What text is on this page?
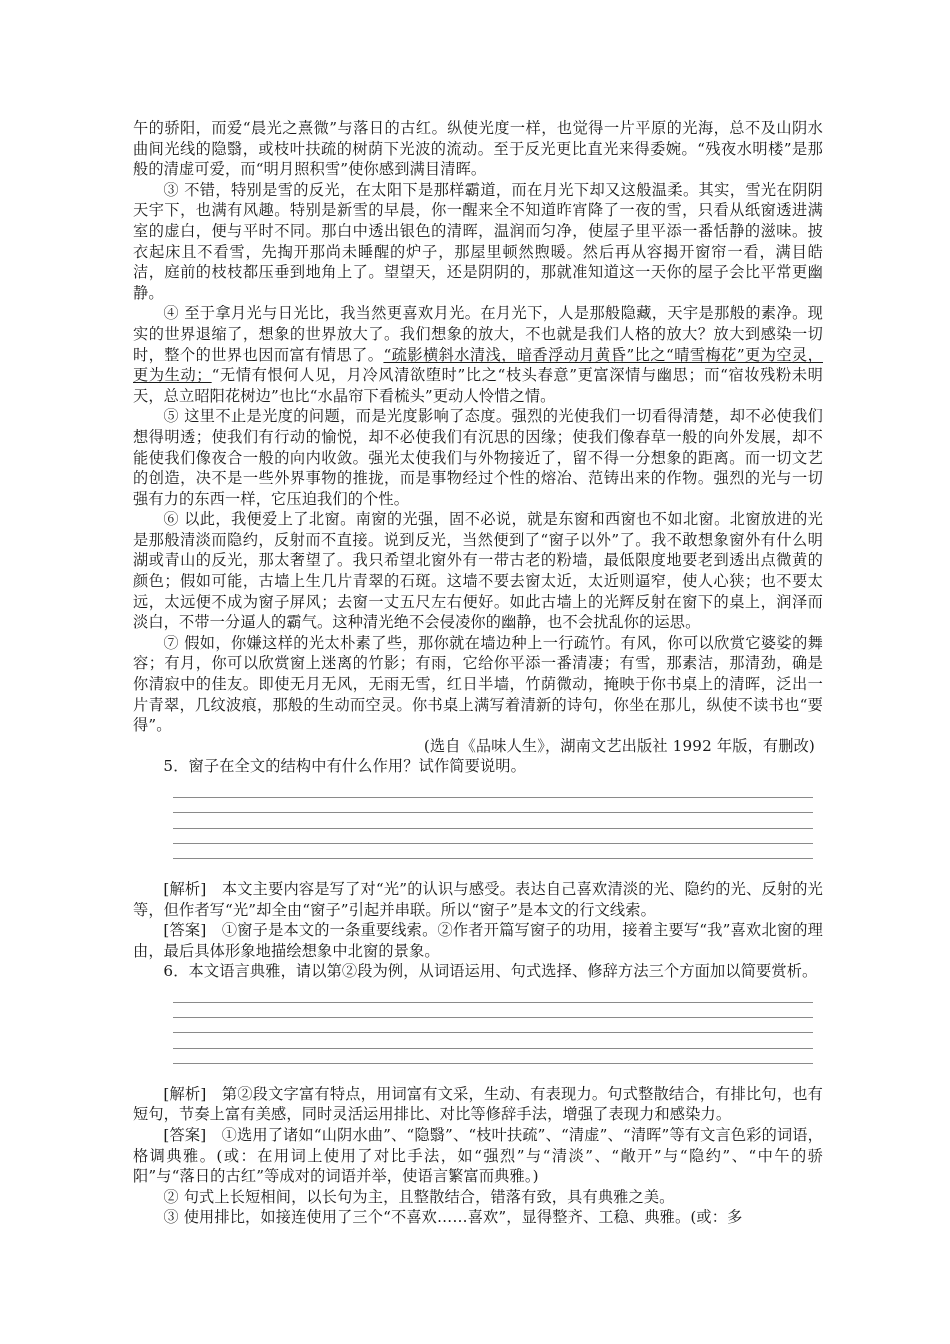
午的骄阳，而爱“晨光之熹微”与落日的古红。纵使光度一样，也觉得一片平原的光海，总不及山阴水曲间光线的隐翳，或枝叶扶疏的树荫下光波的流动。至于反光更比直光来得委婉。“残夜水明楼”是那般的清虚可爱，而“明月照积雪”使你感到满目清晖。

③ 不错，特别是雪的反光，在太阳下是那样霸道，而在月光下却又这般温柔。其实，雪光在阴阴天宇下，也满有风趣。特别是新雪的早晨，你一醒来全不知道昨宵降了一夜的雪，只看从纸窗透进满室的虚白，便与平时不同。那白中透出银色的清晖，温润而匀净，使屋子里平添一番恬静的滋味。披衣起床且不看雪，先掏开那尚未睡醒的炉子，那屋里顿然煦暖。然后再从容揭开窗帘一看，满目皓洁，庭前的枝枝都压垂到地角上了。望望天，还是阴阴的，那就准知道这一天你的屋子会比平常更幽静。

④ 至于拿月光与日光比，我当然更喜欢月光。在月光下，人是那般隐藏，天宇是那般的素净。现实的世界退缩了，想象的世界放大了。我们想象的放大，不也就是我们人格的放大？放大到感染一切时，整个的世界也因而富有情思了。“疏影横斜水清浅，暗香浮动月黄昏”比之“晴雪梅花”更为空灵，更为生动；“无情有恨何人见，月冷风清欲堕时”比之“枝头春意”更富深情与幽思；而“宿妆残粉未明天，总立昭阳花树边”也比“水晶帘下看梳头”更动人怜惜之情。

⑤ 这里不止是光度的问题，而是光度影响了态度。强烈的光使我们一切看得清楚，却不必使我们想得明透；使我们有行动的愉悦，却不必使我们有沉思的因缘；使我们像春草一般的向外发展，却不能使我们像夜合一般的向内收敛。强光太使我们与外物接近了，留不得一分想象的距离。而一切文艺的创造，决不是一些外界事物的推拢，而是事物经过个性的熔冶、范铸出来的作物。强烈的光与一切强有力的东西一样，它压迫我们的个性。

⑥ 以此，我便爱上了北窗。南窗的光强，固不必说，就是东窗和西窗也不如北窗。北窗放进的光是那般清淡而隐约，反射而不直接。说到反光，当然便到了“窗子以外”了。我不敢想象窗外有什么明湖或青山的反光，那太奢望了。我只希望北窗外有一带古老的粉墙，最低限度地要老到透出点微黄的颜色；假如可能，古墙上生几片青翠的石斑。这墙不要去窗太近，太近则逼窄，使人心狭；也不要太远，太远便不成为窗子屏风；去窗一丈五尺左右便好。如此古墙上的光辉反射在窗下的桌上，润泽而淡白，不带一分逼人的霸气。这种清光绝不会侵凌你的幽静，也不会扰乱你的运思。

⑦ 假如，你嫌这样的光太朴素了些，那你就在墙边种上一行疏竹。有风，你可以欣赏它婆娑的舞容；有月，你可以欣赏窗上迷离的竹影；有雨，它给你平添一番清凄；有雪，那素洁，那清劲，确是你清寂中的佳友。即使无月无风，无雨无雪，红日半墙，竹荫微动，掩映于你书桌上的清晖，泛出一片青翠，几纹波痕，那般的生动而空灵。你书桌上满写着清新的诗句，你坐在那儿，纵使不读书也“要得”。

(选自《品味人生》，湖南文艺出版社 1992 年版，有删改)

5．窗子在全文的结构中有什么作用？试作简要说明。

[解析]　本文主要内容是写了对“光”的认识与感受。表达自己喜欢清淡的光、隐约的光、反射的光等，但作者写“光”却全由“窗子”引起并串联。所以“窗子”是本文的行文线索。

[答案]　①窗子是本文的一条重要线索。②作者开篇写窗子的功用，接着主要写“我”喜欢北窗的理由，最后具体形象地描绘想象中北窗的景象。

6．本文语言典雅，请以第②段为例，从词语运用、句式选择、修辞方法三个方面加以简要赏析。

[解析]　第②段文字富有特点，用词富有文采，生动、有表现力。句式整散结合，有排比句，也有短句，节奏上富有美感，同时灵活运用排比、对比等修辞手法，增强了表现力和感染力。

[答案]　①选用了诸如“山阴水曲”、“隐翳”、“枝叶扶疏”、“清虚”、“清晖”等有文言色彩的词语，格调典雅。(或：在用词上使用了对比手法，如“强烈”与“清淡”、“敞开”与“隐约”、“中午的骄阳”与“落日的古红”等成对的词语并举，使语言繁富而典雅。)

② 句式上长短相间，以长句为主，且整散结合，错落有致，具有典雅之美。

③ 使用排比，如接连使用了三个“不喜欢……喜欢”，显得整齐、工稳、典雅。(或：多
